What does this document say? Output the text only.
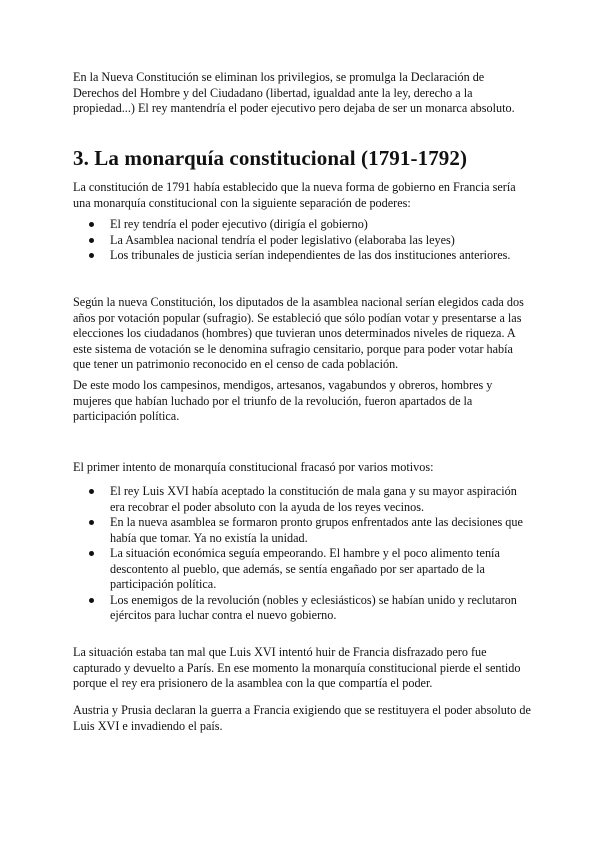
En la Nueva Constitución se eliminan los privilegios, se promulga la Declaración de Derechos del Hombre y del Ciudadano (libertad, igualdad ante la ley, derecho a la propiedad...) El rey mantendría el poder ejecutivo pero dejaba de ser un monarca absoluto.

3. La monarquía constitucional (1791-1792)

La constitución de 1791 había establecido que la nueva forma de gobierno en Francia sería una monarquía constitucional con la siguiente separación de poderes:

El rey tendría el poder ejecutivo (dirigía el gobierno)
La Asamblea nacional tendría el poder legislativo (elaboraba las leyes)
Los tribunales de justicia serían independientes de las dos instituciones anteriores.

Según la nueva Constitución, los diputados de la asamblea nacional serían elegidos cada dos años por votación popular (sufragio). Se estableció que sólo podían votar y presentarse a las elecciones los ciudadanos (hombres) que tuvieran unos determinados niveles de riqueza. A este sistema de votación se le denomina sufragio censitario, porque para poder votar había que tener un patrimonio reconocido en el censo de cada población.

De este modo los campesinos, mendigos, artesanos, vagabundos y obreros, hombres y mujeres que habían luchado por el triunfo de la revolución, fueron apartados de la participación política.

El primer intento de monarquía constitucional fracasó por varios motivos:

El rey Luis XVI había aceptado la constitución de mala gana y su mayor aspiración era recobrar el poder absoluto con la ayuda de los reyes vecinos.
En la nueva asamblea se formaron pronto grupos enfrentados ante las decisiones que había que tomar. Ya no existía la unidad.
La situación económica seguía empeorando. El hambre y el poco alimento tenía descontento al pueblo, que además, se sentía engañado por ser apartado de la participación política.
Los enemigos de la revolución (nobles y eclesiásticos) se habían unido y reclutaron ejércitos para luchar contra el nuevo gobierno.

La situación estaba tan mal que Luis XVI intentó huir de Francia disfrazado pero fue capturado y devuelto a París. En ese momento la monarquía constitucional pierde el sentido porque el rey era prisionero de la asamblea con la que compartía el poder.

Austria y Prusia declaran la guerra a Francia exigiendo que se restituyera el poder absoluto de Luis XVI e invadiendo el país.
